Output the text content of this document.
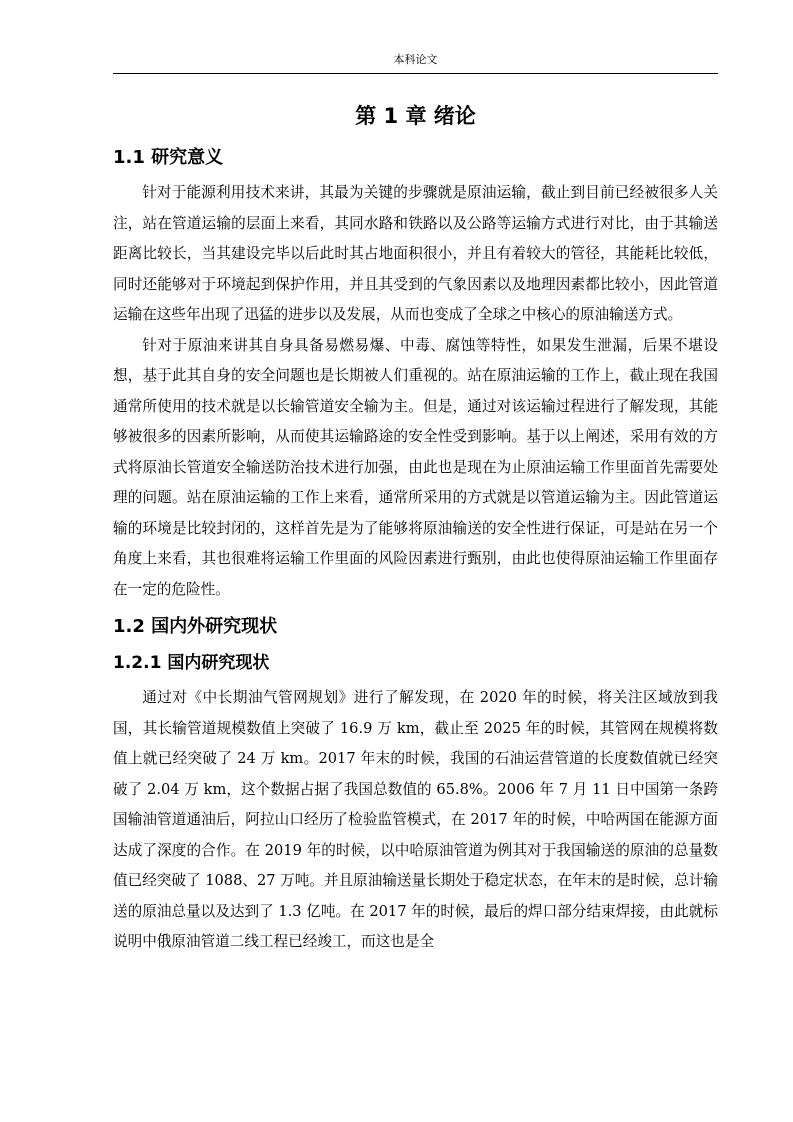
本科论文
第 1 章 绪论
1.1 研究意义

针对于能源利用技术来讲，其最为关键的步骤就是原油运输，截止到目前已经被很多人关注，站在管道运输的层面上来看，其同水路和铁路以及公路等运输方式进行对比，由于其输送距离比较长，当其建设完毕以后此时其占地面积很小，并且有着较大的管径，其能耗比较低，同时还能够对于环境起到保护作用，并且其受到的气象因素以及地理因素都比较小，因此管道运输在这些年出现了迅猛的进步以及发展，从而也变成了全球之中核心的原油输送方式。

针对于原油来讲其自身具备易燃易爆、中毒、腐蚀等特性，如果发生泄漏，后果不堪设想，基于此其自身的安全问题也是长期被人们重视的。站在原油运输的工作上，截止现在我国通常所使用的技术就是以长输管道安全输为主。但是，通过对该运输过程进行了解发现，其能够被很多的因素所影响，从而使其运输路途的安全性受到影响。基于以上阐述，采用有效的方式将原油长管道安全输送防治技术进行加强，由此也是现在为止原油运输工作里面首先需要处理的问题。站在原油运输的工作上来看，通常所采用的方式就是以管道运输为主。因此管道运输的环境是比较封闭的，这样首先是为了能够将原油输送的安全性进行保证，可是站在另一个角度上来看，其也很难将运输工作里面的风险因素进行甄别，由此也使得原油运输工作里面存在一定的危险性。

1.2 国内外研究现状
1.2.1 国内研究现状

通过对《中长期油气管网规划》进行了解发现，在 2020 年的时候，将关注区域放到我国，其长输管道规模数值上突破了 16.9 万 km，截止至 2025 年的时候，其管网在规模将数值上就已经突破了 24 万 km。2017 年末的时候，我国的石油运营管道的长度数值就已经突破了 2.04 万 km，这个数据占据了我国总数值的 65.8%。2006 年 7 月 11 日中国第一条跨国输油管道通油后，阿拉山口经历了检验监管模式，在 2017 年的时候，中哈两国在能源方面达成了深度的合作。在 2019 年的时候，以中哈原油管道为例其对于我国输送的原油的总量数值已经突破了 1088、27 万吨。并且原油输送量长期处于稳定状态，在年末的是时候，总计输送的原油总量以及达到了 1.3 亿吨。在 2017 年的时候，最后的焊口部分结束焊接，由此就标说明中俄原油管道二线工程已经竣工，而这也是全
